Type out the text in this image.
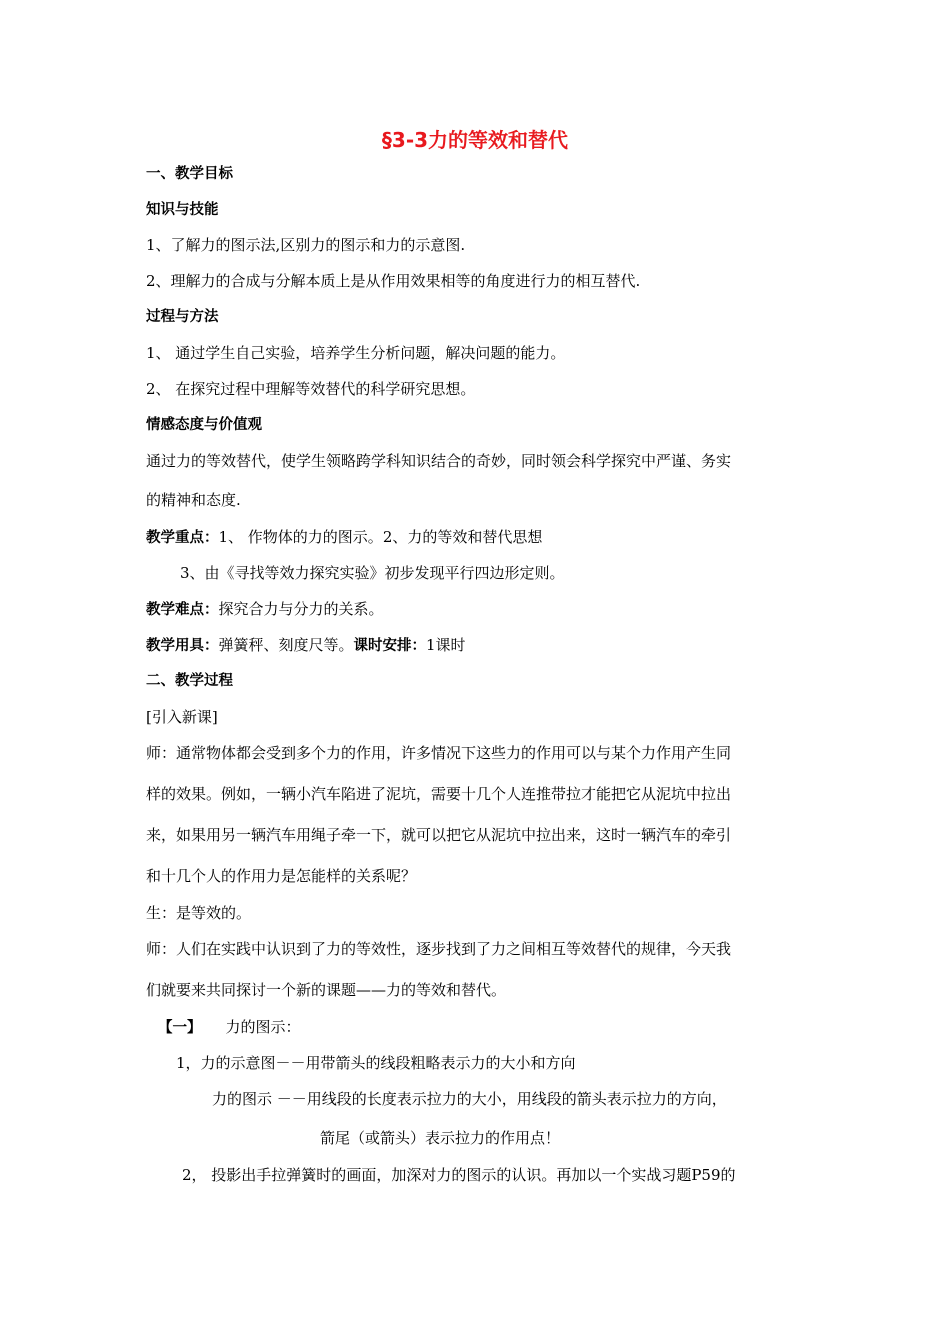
§3-3力的等效和替代
一、教学目标
知识与技能
1、了解力的图示法,区别力的图示和力的示意图.
2、理解力的合成与分解本质上是从作用效果相等的角度进行力的相互替代.
过程与方法
1、 通过学生自己实验，培养学生分析问题，解决问题的能力。
2、 在探究过程中理解等效替代的科学研究思想。
情感态度与价值观
通过力的等效替代，使学生领略跨学科知识结合的奇妙，同时领会科学探究中严谨、务实
的精神和态度.
教学重点：1、 作物体的力的图示。2、力的等效和替代思想
3、由《寻找等效力探究实验》初步发现平行四边形定则。
教学难点：探究合力与分力的关系。
教学用具：弹簧秤、刻度尺等。课时安排：1课时
二、教学过程
[引入新课]
师：通常物体都会受到多个力的作用，许多情况下这些力的作用可以与某个力作用产生同
样的效果。例如，一辆小汽车陷进了泥坑，需要十几个人连推带拉才能把它从泥坑中拉出
来，如果用另一辆汽车用绳子牵一下，就可以把它从泥坑中拉出来，这时一辆汽车的牵引
和十几个人的作用力是怎能样的关系呢？
生：是等效的。
师：人们在实践中认识到了力的等效性，逐步找到了力之间相互等效替代的规律，今天我
们就要来共同探讨一个新的课题——力的等效和替代。
【一】 力的图示：
1，力的示意图－－用带箭头的线段粗略表示力的大小和方向
力的图示 －－用线段的长度表示拉力的大小，用线段的箭头表示拉力的方向，
箭尾（或箭头）表示拉力的作用点！
2， 投影出手拉弹簧时的画面，加深对力的图示的认识。再加以一个实战习题P59的
